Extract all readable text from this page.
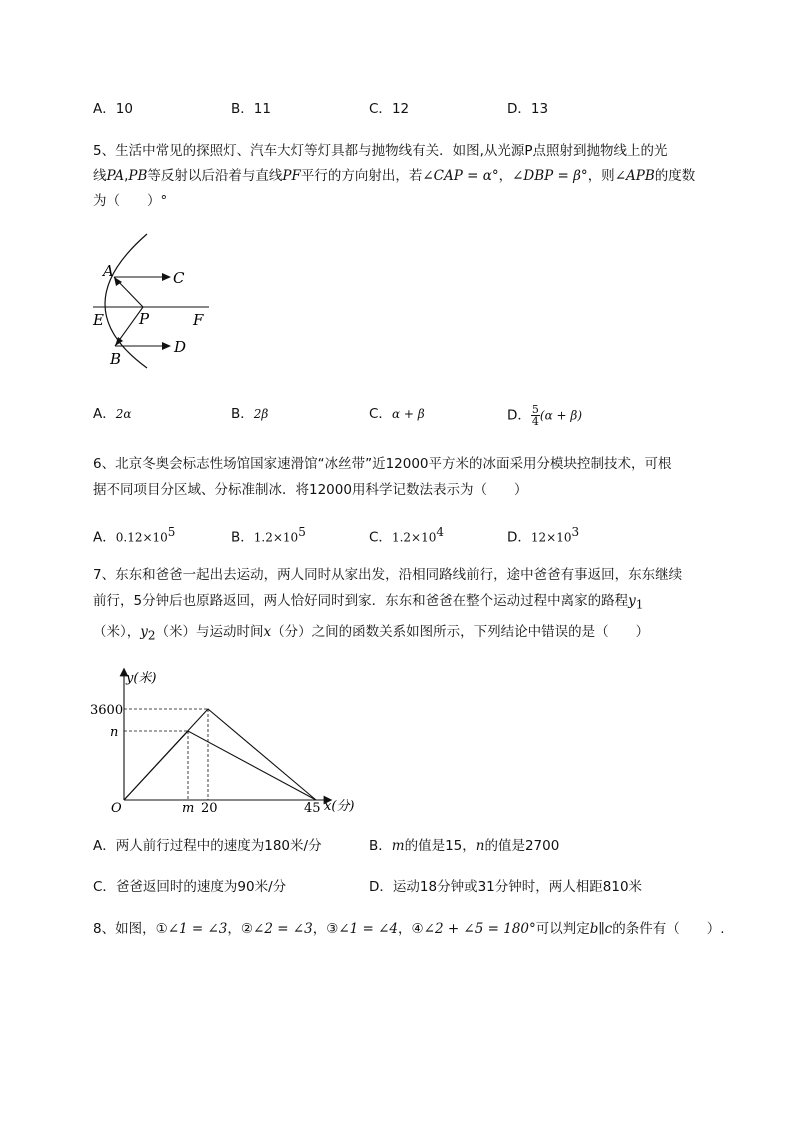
A．10	B．11	C．12	D．13
5、生活中常见的探照灯、汽车大灯等灯具都与抛物线有关．如图,从光源P点照射到抛物线上的光
线PA,PB等反射以后沿着与直线PF平行的方向射出，若∠CAP = α°，∠DBP = β°，则∠APB的度数
为（　　）°
A	C
E P	F
B
D
A．2α	B．2β	C．α + β	D． $\frac{5}{4} (\alpha + \beta)$
6、北京冬奥会标志性场馆国家速滑馆“冰丝带”近12000平方米的冰面采用分模块控制技术，可根
据不同项目分区域、分标准制冰．将12000用科学记数法表示为（　　）
A．$0.12\times 10^5$	B．$1.2\times 10^5$	C．$1.2\times 10^4$	D．$12\times 10^3$
7、东东和爸爸一起出去运动，两人同时从家出发，沿相同路线前行，途中爸爸有事返回，东东继续
前行，5分钟后也原路返回，两人恰好同时到家．东东和爸爸在整个运动过程中离家的路程$y_1$
（米），$y_2$（米）与运动时间x（分）之间的函数关系如图所示，下列结论中错误的是（　　）
y(米)
x(分)
O
3600
n
m 20	45
A．两人前行过程中的速度为180米/分	B．m的值是15，n的值是2700
C．爸爸返回时的速度为90米/分	D．运动18分钟或31分钟时，两人相距810米
8、如图，①∠1 = ∠3，②∠2 = ∠3，③∠1 = ∠4，④∠2 + ∠5 = 180°可以判定b∥c的条件有（　　）.
